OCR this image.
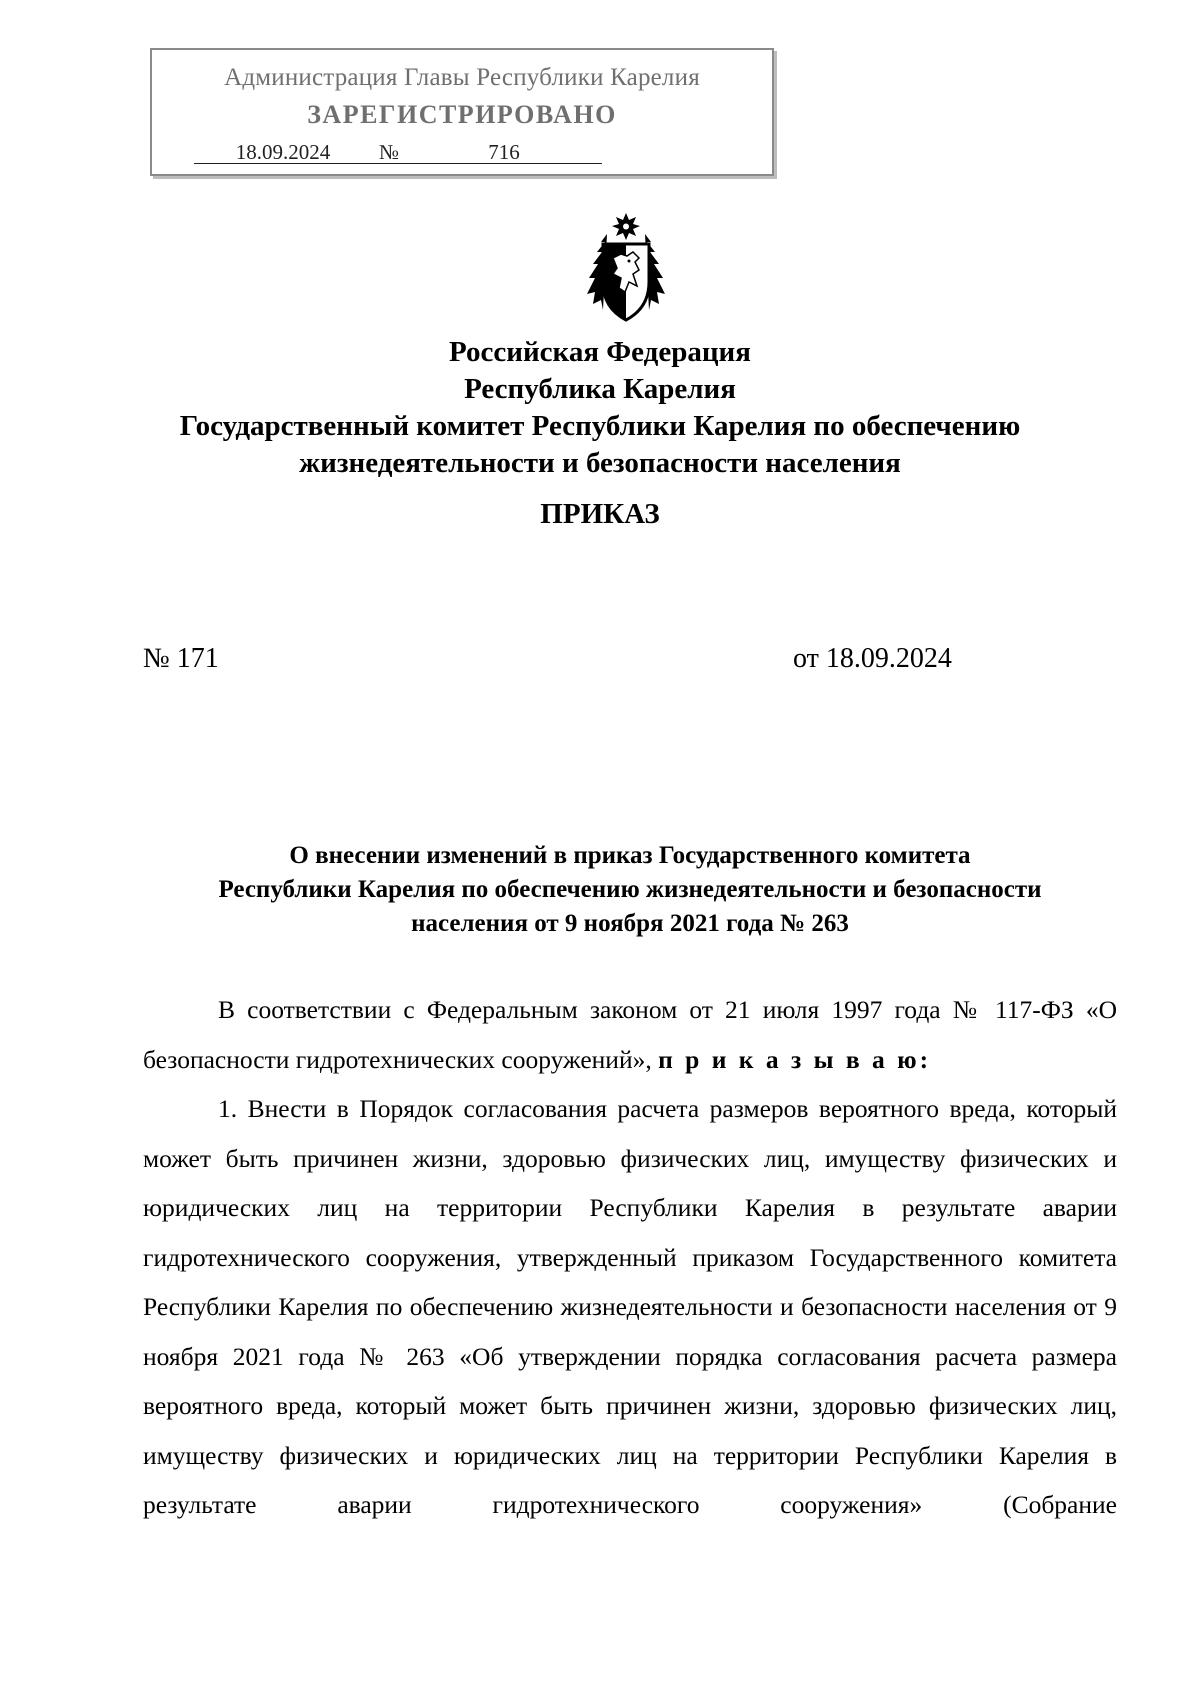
Администрация Главы Республики Карелия
ЗАРЕГИСТРИРОВАНО
18.09.2024 №	716
Российская Федерация
Республика Карелия
Государственный комитет Республики Карелия по обеспечению
жизнедеятельности и безопасности населения
ПРИКАЗ
№ 171	от 18.09.2024
О внесении изменений в приказ Государственного комитета
Республики Карелия по обеспечению жизнедеятельности и безопасности
населения от 9 ноября 2021 года № 263

В соответствии с Федеральным законом от 21 июля 1997 года № 117-ФЗ «О безопасности гидротехнических сооружений», п р и к а з ы в а ю:

1. Внести в Порядок согласования расчета размеров вероятного вреда, который может быть причинен жизни, здоровью физических лиц, имуществу физических и юридических лиц на территории Республики Карелия в результате аварии гидротехнического сооружения, утвержденный приказом Государственного комитета Республики Карелия по обеспечению жизнедеятельности и безопасности населения от 9 ноября 2021 года № 263 «Об утверждении порядка согласования расчета размера вероятного вреда, который может быть причинен жизни, здоровью физических лиц, имуществу физических и юридических лиц на территории Республики Карелия в результате аварии гидротехнического сооружения» (Собрание
